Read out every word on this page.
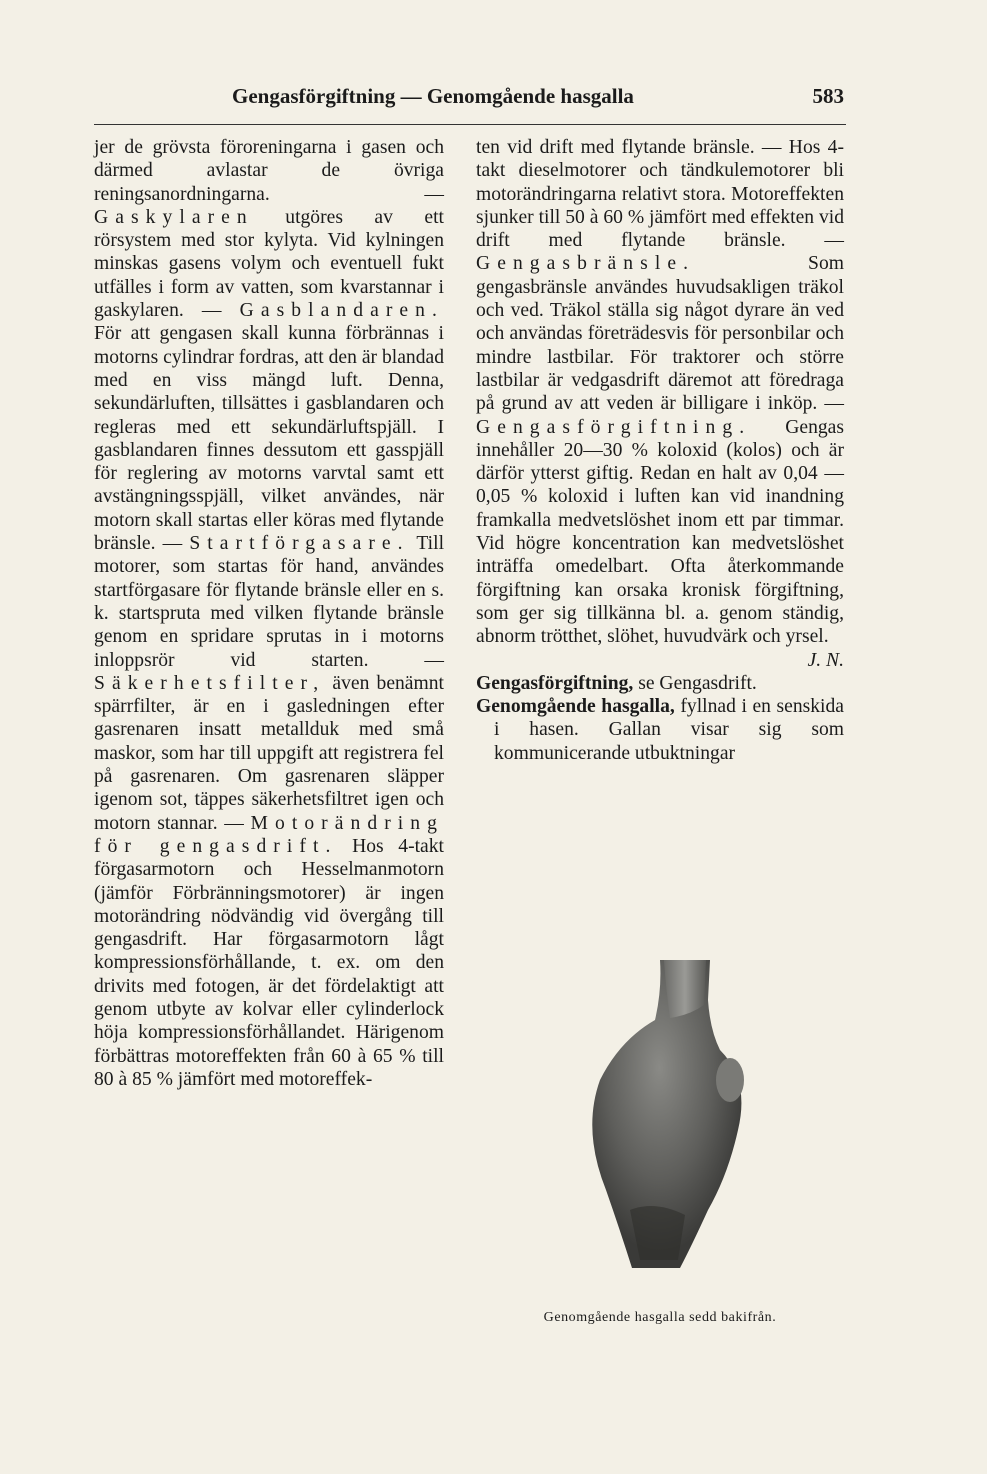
Gengasförgiftning — Genomgående hasgalla	583

jer de grövsta föroreningarna i gasen och därmed avlastar de övriga reningsanordningarna. — Gaskylaren utgöres av ett rörsystem med stor kylyta. Vid kylningen minskas gasens volym och eventuell fukt utfälles i form av vatten, som kvarstannar i gaskylaren. — Gasblandaren. För att gengasen skall kunna förbrännas i motorns cylindrar fordras, att den är blandad med en viss mängd luft. Denna, sekundärluften, tillsättes i gasblandaren och regleras med ett sekundärluftspjäll. I gasblandaren finnes dessutom ett gasspjäll för reglering av motorns varvtal samt ett avstängningsspjäll, vilket användes, när motorn skall startas eller köras med flytande bränsle. — Startförgasare. Till motorer, som startas för hand, användes startförgasare för flytande bränsle eller en s. k. startspruta med vilken flytande bränsle genom en spridare sprutas in i motorns inloppsrör vid starten. — Säkerhetsfilter, även benämnt spärrfilter, är en i gasledningen efter gasrenaren insatt metallduk med små maskor, som har till uppgift att registrera fel på gasrenaren. Om gasrenaren släpper igenom sot, täppes säkerhetsfiltret igen och motorn stannar. — Motorändring för gengasdrift. Hos 4-takt förgasarmotorn och Hesselmanmotorn (jämför Förbränningsmotorer) är ingen motorändring nödvändig vid övergång till gengasdrift. Har förgasarmotorn lågt kompressionsförhållande, t. ex. om den drivits med fotogen, är det fördelaktigt att genom utbyte av kolvar eller cylinderlock höja kompressionsförhållandet. Härigenom förbättras motoreffekten från 60 à 65 % till 80 à 85 % jämfört med motoreffek-

ten vid drift med flytande bränsle. — Hos 4-takt dieselmotorer och tändkulemotorer bli motorändringarna relativt stora. Motoreffekten sjunker till 50 à 60 % jämfört med effekten vid drift med flytande bränsle. — Gengasbränsle. Som gengasbränsle användes huvudsakligen träkol och ved. Träkol ställa sig något dyrare än ved och användas företrädesvis för personbilar och mindre lastbilar. För traktorer och större lastbilar är vedgasdrift däremot att föredraga på grund av att veden är billigare i inköp. — Gengasförgiftning. Gengas innehåller 20—30 % koloxid (kolos) och är därför ytterst giftig. Redan en halt av 0,04 —0,05 % koloxid i luften kan vid inandning framkalla medvetslöshet inom ett par timmar. Vid högre koncentration kan medvetslöshet inträffa omedelbart. Ofta återkommande förgiftning kan orsaka kronisk förgiftning, som ger sig tillkänna bl. a. genom ständig, abnorm trötthet, slöhet, huvudvärk och yrsel.
J. N.

Gengasförgiftning, se Gengasdrift.

Genomgående hasgalla, fyllnad i en senskida i hasen. Gallan visar sig som kommunicerande utbuktningar

Genomgående hasgalla sedd bakifrån.
